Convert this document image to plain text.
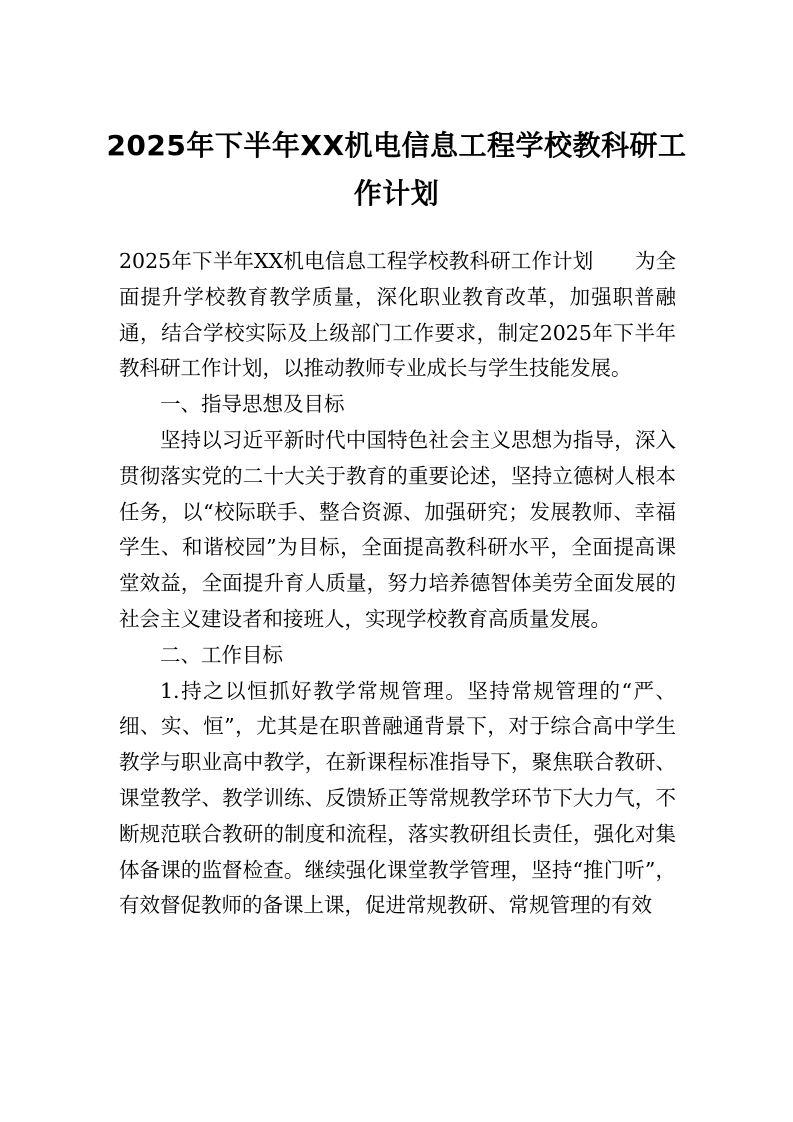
2025年下半年XX机电信息工程学校教科研工作计划

2025年下半年XX机电信息工程学校教科研工作计划　　为全面提升学校教育教学质量，深化职业教育改革，加强职普融通，结合学校实际及上级部门工作要求，制定2025年下半年教科研工作计划，以推动教师专业成长与学生技能发展。

一、指导思想及目标

坚持以习近平新时代中国特色社会主义思想为指导，深入贯彻落实党的二十大关于教育的重要论述，坚持立德树人根本任务，以“校际联手、整合资源、加强研究；发展教师、幸福学生、和谐校园”为目标，全面提高教科研水平，全面提高课堂效益，全面提升育人质量，努力培养德智体美劳全面发展的社会主义建设者和接班人，实现学校教育高质量发展。

二、工作目标

1.持之以恒抓好教学常规管理。坚持常规管理的“严、细、实、恒”，尤其是在职普融通背景下，对于综合高中学生教学与职业高中教学，在新课程标准指导下，聚焦联合教研、课堂教学、教学训练、反馈矫正等常规教学环节下大力气，不断规范联合教研的制度和流程，落实教研组长责任，强化对集体备课的监督检查。继续强化课堂教学管理，坚持“推门听”，有效督促教师的备课上课，促进常规教研、常规管理的有效
